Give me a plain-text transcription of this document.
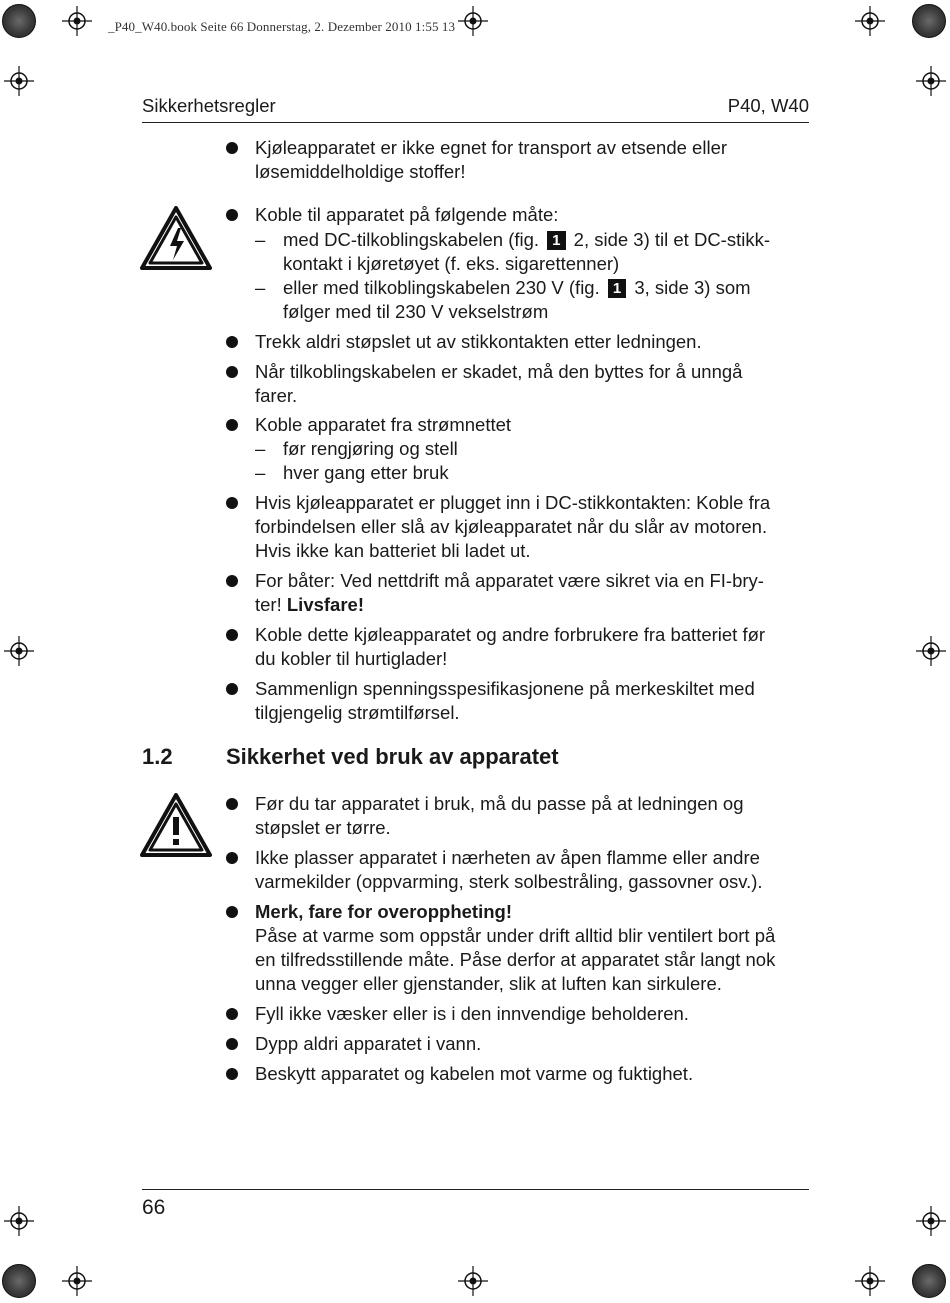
_P40_W40.book Seite 66 Donnerstag, 2. Dezember 2010 1:55 13
Sikkerhetsregler	P40, W40
Kjøleapparatet er ikke egnet for transport av etsende eller
løsemiddelholdige stoffer!
Koble til apparatet på følgende måte:
– med DC-tilkoblingskabelen (fig. 1 2, side 3) til et DC-stikk-
kontakt i kjøretøyet (f. eks. sigarettenner)
– eller med tilkoblingskabelen 230 V (fig. 1 3, side 3) som
følger med til 230 V vekselstrøm
Trekk aldri støpslet ut av stikkontakten etter ledningen.
Når tilkoblingskabelen er skadet, må den byttes for å unngå
farer.
Koble apparatet fra strømnettet
– før rengjøring og stell
– hver gang etter bruk
Hvis kjøleapparatet er plugget inn i DC-stikkontakten: Koble fra
forbindelsen eller slå av kjøleapparatet når du slår av motoren.
Hvis ikke kan batteriet bli ladet ut.
For båter: Ved nettdrift må apparatet være sikret via en FI-bry-
ter! Livsfare!
Koble dette kjøleapparatet og andre forbrukere fra batteriet før
du kobler til hurtiglader!
Sammenlign spenningsspesifikasjonene på merkeskiltet med
tilgjengelig strømtilførsel.
1.2 Sikkerhet ved bruk av apparatet
Før du tar apparatet i bruk, må du passe på at ledningen og
støpslet er tørre.
Ikke plasser apparatet i nærheten av åpen flamme eller andre
varmekilder (oppvarming, sterk solbestråling, gassovner osv.).
Merk, fare for overoppheting!
Påse at varme som oppstår under drift alltid blir ventilert bort på
en tilfredsstillende måte. Påse derfor at apparatet står langt nok
unna vegger eller gjenstander, slik at luften kan sirkulere.
Fyll ikke væsker eller is i den innvendige beholderen.
Dypp aldri apparatet i vann.
Beskytt apparatet og kabelen mot varme og fuktighet.
66
